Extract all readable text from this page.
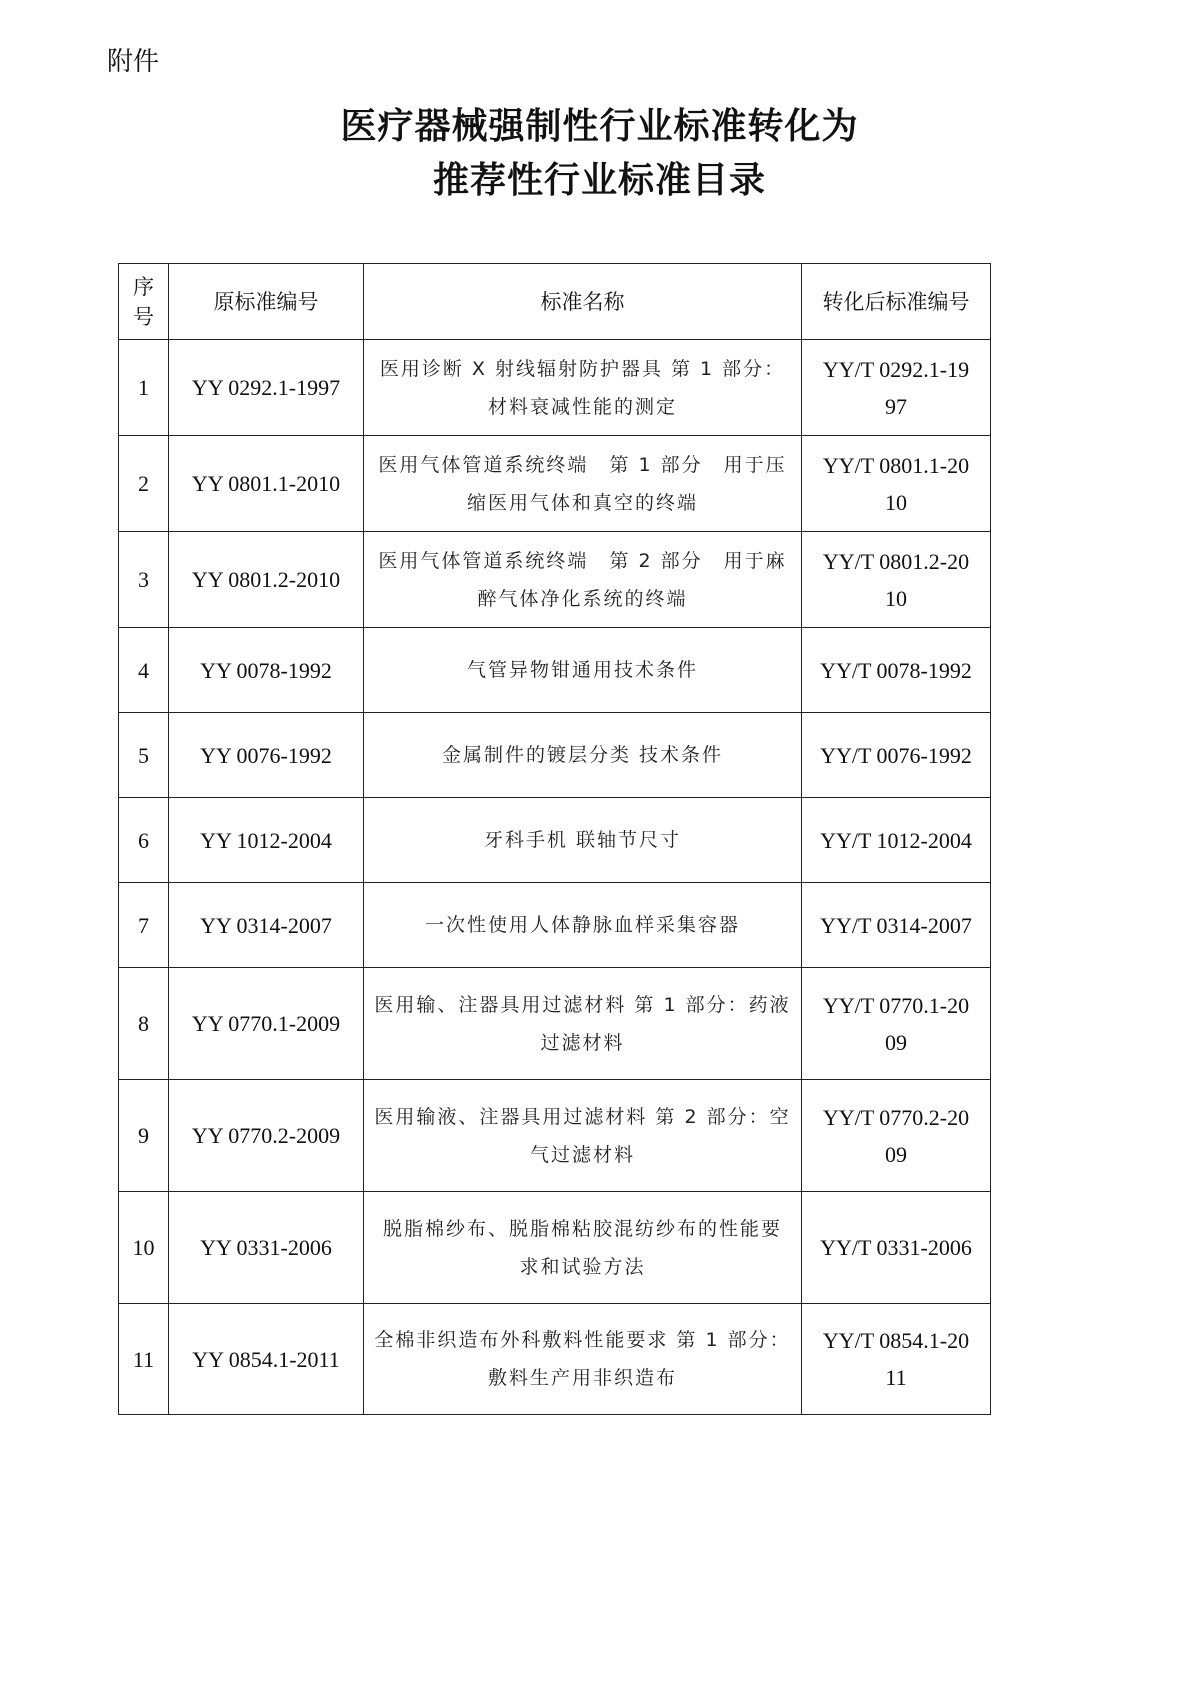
附件
医疗器械强制性行业标准转化为
推荐性行业标准目录
序号	原标准编号	标准名称	转化后标准编号
1	YY 0292.1-1997	医用诊断 X 射线辐射防护器具 第 1 部分：材料衰减性能的测定	YY/T 0292.1-1997
2	YY 0801.1-2010	医用气体管道系统终端　第 1 部分　用于压缩医用气体和真空的终端	YY/T 0801.1-2010
3	YY 0801.2-2010	医用气体管道系统终端　第 2 部分　用于麻醉气体净化系统的终端	YY/T 0801.2-2010
4	YY 0078-1992	气管异物钳通用技术条件	YY/T 0078-1992
5	YY 0076-1992	金属制件的镀层分类 技术条件	YY/T 0076-1992
6	YY 1012-2004	牙科手机 联轴节尺寸	YY/T 1012-2004
7	YY 0314-2007	一次性使用人体静脉血样采集容器	YY/T 0314-2007
8	YY 0770.1-2009	医用输、注器具用过滤材料 第 1 部分：药液过滤材料	YY/T 0770.1-2009
9	YY 0770.2-2009	医用输液、注器具用过滤材料 第 2 部分：空气过滤材料	YY/T 0770.2-2009
10	YY 0331-2006	脱脂棉纱布、脱脂棉粘胶混纺纱布的性能要求和试验方法	YY/T 0331-2006
11	YY 0854.1-2011	全棉非织造布外科敷料性能要求 第 1 部分：敷料生产用非织造布	YY/T 0854.1-2011
